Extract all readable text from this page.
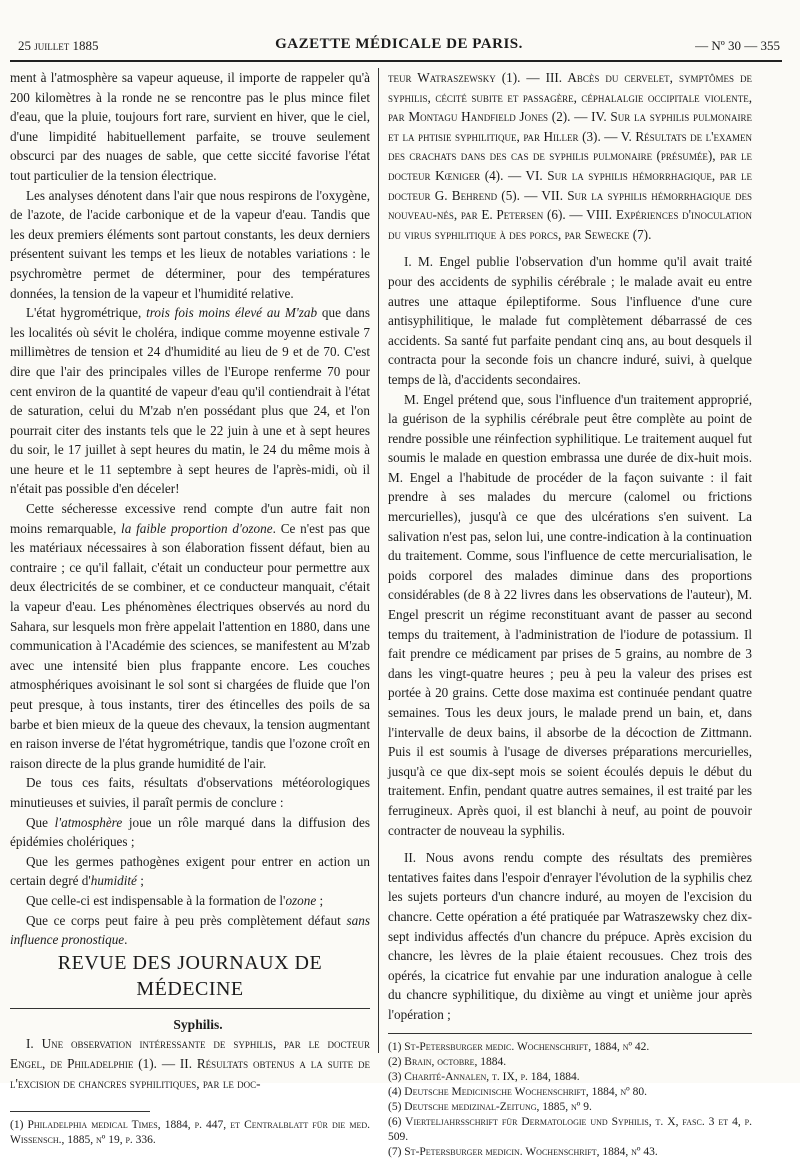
25 juillet 1885	GAZETTE MÉDICALE DE PARIS.	— Nº 30 — 355

ment à l'atmosphère sa vapeur aqueuse, il importe de rappeler qu'à 200 kilomètres à la ronde ne se rencontre pas le plus mince filet d'eau, que la pluie, toujours fort rare, survient en hiver, que le ciel, d'une limpidité habituellement parfaite, se trouve seulement obscurci par des nuages de sable, que cette siccité favorise l'état tout particulier de la tension électrique.

Les analyses dénotent dans l'air que nous respirons de l'oxygène, de l'azote, de l'acide carbonique et de la vapeur d'eau. Tandis que les deux premiers éléments sont partout constants, les deux derniers présentent suivant les temps et les lieux de notables variations : le psychromètre permet de déterminer, pour des températures données, la tension de la vapeur et l'humidité relative.

L'état hygrométrique, trois fois moins élevé au M'zab que dans les localités où sévit le choléra, indique comme moyenne estivale 7 millimètres de tension et 24 d'humidité au lieu de 9 et de 70. C'est dire que l'air des principales villes de l'Europe renferme 70 pour cent environ de la quantité de vapeur d'eau qu'il contiendrait à l'état de saturation, celui du M'zab n'en possédant plus que 24, et l'on pourrait citer des instants tels que le 22 juin à une et à sept heures du soir, le 17 juillet à sept heures du matin, le 24 du même mois à une heure et le 11 septembre à sept heures de l'après-midi, où il n'était pas possible d'en déceler!

Cette sécheresse excessive rend compte d'un autre fait non moins remarquable, la faible proportion d'ozone. Ce n'est pas que les matériaux nécessaires à son élaboration fissent défaut, bien au contraire ; ce qu'il fallait, c'était un conducteur pour permettre aux deux électricités de se combiner, et ce conducteur manquait, c'était la vapeur d'eau. Les phénomènes électriques observés au nord du Sahara, sur lesquels mon frère appelait l'attention en 1880, dans une communication à l'Académie des sciences, se manifestent au M'zab avec une intensité bien plus frappante encore. Les couches atmosphériques avoisinant le sol sont si chargées de fluide que l'on peut presque, à tous instants, tirer des étincelles des poils de sa barbe et bien mieux de la queue des chevaux, la tension augmentant en raison inverse de l'état hygrométrique, tandis que l'ozone croît en raison directe de la plus grande humidité de l'air.

De tous ces faits, résultats d'observations météorologiques minutieuses et suivies, il paraît permis de conclure :

Que l'atmosphère joue un rôle marqué dans la diffusion des épidémies cholériques ;

Que les germes pathogènes exigent pour entrer en action un certain degré d'humidité ;

Que celle-ci est indispensable à la formation de l'ozone ;

Que ce corps peut faire à peu près complètement défaut sans influence pronostique.

REVUE DES JOURNAUX DE MÉDECINE

Syphilis.

I. Une observation intéressante de syphilis, par le docteur Engel, de Philadelphie (1). — II. Résultats obtenus a la suite de l'excision de chancres syphilitiques, par le doc-

(1) Philadelphia medical Times, 1884, p. 447, et Centralblatt für die med. Wissensch., 1885, nº 19, p. 336.

teur Watraszewsky (1). — III. Abcès du cervelet, symptômes de syphilis, cécité subite et passagère, céphalalgie occipitale violente, par Montagu Handfield Jones (2). — IV. Sur la syphilis pulmonaire et la phtisie syphilitique, par Hiller (3). — V. Résultats de l'examen des crachats dans des cas de syphilis pulmonaire (présumée), par le docteur Kœniger (4). — VI. Sur la syphilis hémorrhagique, par le docteur G. Behrend (5). — VII. Sur la syphilis hémorrhagique des nouveau-nés, par E. Petersen (6). — VIII. Expériences d'inoculation du virus syphilitique à des porcs, par Sewecke (7).

I. M. Engel publie l'observation d'un homme qu'il avait traité pour des accidents de syphilis cérébrale ; le malade avait eu entre autres une attaque épileptiforme. Sous l'influence d'une cure antisyphilitique, le malade fut complètement débarrassé de ces accidents. Sa santé fut parfaite pendant cinq ans, au bout desquels il contracta pour la seconde fois un chancre induré, suivi, à quelque temps de là, d'accidents secondaires.

M. Engel prétend que, sous l'influence d'un traitement approprié, la guérison de la syphilis cérébrale peut être complète au point de rendre possible une réinfection syphilitique. Le traitement auquel fut soumis le malade en question embrassa une durée de dix-huit mois. M. Engel a l'habitude de procéder de la façon suivante : il fait prendre à ses malades du mercure (calomel ou frictions mercurielles), jusqu'à ce que des ulcérations s'en suivent. La salivation n'est pas, selon lui, une contre-indication à la continuation du traitement. Comme, sous l'influence de cette mercurialisation, le poids corporel des malades diminue dans des proportions considérables (de 8 à 22 livres dans les observations de l'auteur), M. Engel prescrit un régime reconstituant avant de passer au second temps du traitement, à l'administration de l'iodure de potassium. Il fait prendre ce médicament par prises de 5 grains, au nombre de 3 dans les vingt-quatre heures ; peu à peu la valeur des prises est portée à 20 grains. Cette dose maxima est continuée pendant quatre semaines. Tous les deux jours, le malade prend un bain, et, dans l'intervalle de deux bains, il absorbe de la décoction de Zittmann. Puis il est soumis à l'usage de diverses préparations mercurielles, jusqu'à ce que dix-sept mois se soient écoulés depuis le début du traitement. Enfin, pendant quatre autres semaines, il est traité par les ferrugineux. Après quoi, il est blanchi à neuf, au point de pouvoir contracter de nouveau la syphilis.

II. Nous avons rendu compte des résultats des premières tentatives faites dans l'espoir d'enrayer l'évolution de la syphilis chez les sujets porteurs d'un chancre induré, au moyen de l'excision du chancre. Cette opération a été pratiquée par Watraszewsky chez dix-sept individus affectés d'un chancre du prépuce. Après excision du chancre, les lèvres de la plaie étaient recousues. Chez trois des opérés, la cicatrice fut envahie par une induration analogue à celle du chancre syphilitique, du dixième au vingt et unième jour après l'opération ;

(1) St-Petersburger medic. Wochenschrift, 1884, nº 42.

(2) Brain, octobre, 1884.

(3) Charité-Annalen, t. IX, p. 184, 1884.

(4) Deutsche Medicinische Wochenschrift, 1884, nº 80.

(5) Deutsche medizinal-Zeitung, 1885, nº 9.

(6) Vierteljahrsschrift für Dermatologie und Syphilis, t. X, fasc. 3 et 4, p. 509.

(7) St-Petersburger medicin. Wochenschrift, 1884, nº 43.
